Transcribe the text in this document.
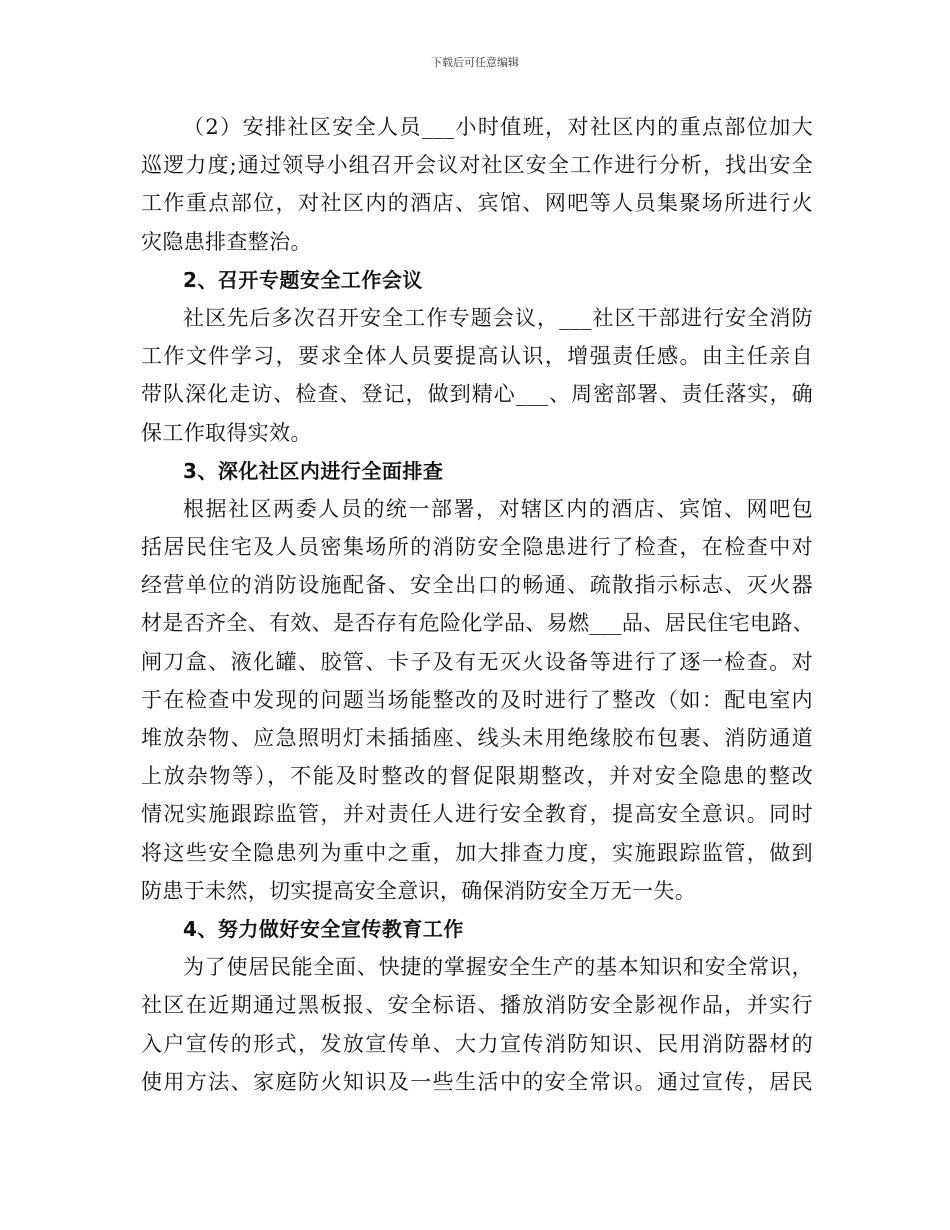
下载后可任意编辑
（2）安排社区安全人员___小时值班，对社区内的重点部位加大
巡逻力度;通过领导小组召开会议对社区安全工作进行分析，找出安全
工作重点部位，对社区内的酒店、宾馆、网吧等人员集聚场所进行火
灾隐患排查整治。
2、召开专题安全工作会议
社区先后多次召开安全工作专题会议，___社区干部进行安全消防
工作文件学习，要求全体人员要提高认识，增强责任感。由主任亲自
带队深化走访、检查、登记，做到精心___、周密部署、责任落实，确
保工作取得实效。
3、深化社区内进行全面排查
根据社区两委人员的统一部署，对辖区内的酒店、宾馆、网吧包
括居民住宅及人员密集场所的消防安全隐患进行了检查，在检查中对
经营单位的消防设施配备、安全出口的畅通、疏散指示标志、灭火器
材是否齐全、有效、是否存有危险化学品、易燃___品、居民住宅电路、
闸刀盒、液化罐、胶管、卡子及有无灭火设备等进行了逐一检查。对
于在检查中发现的问题当场能整改的及时进行了整改（如：配电室内
堆放杂物、应急照明灯未插插座、线头未用绝缘胶布包裹、消防通道
上放杂物等），不能及时整改的督促限期整改，并对安全隐患的整改
情况实施跟踪监管，并对责任人进行安全教育，提高安全意识。同时
将这些安全隐患列为重中之重，加大排查力度，实施跟踪监管，做到
防患于未然，切实提高安全意识，确保消防安全万无一失。
4、努力做好安全宣传教育工作
为了使居民能全面、快捷的掌握安全生产的基本知识和安全常识，
社区在近期通过黑板报、安全标语、播放消防安全影视作品，并实行
入户宣传的形式，发放宣传单、大力宣传消防知识、民用消防器材的
使用方法、家庭防火知识及一些生活中的安全常识。通过宣传，居民
